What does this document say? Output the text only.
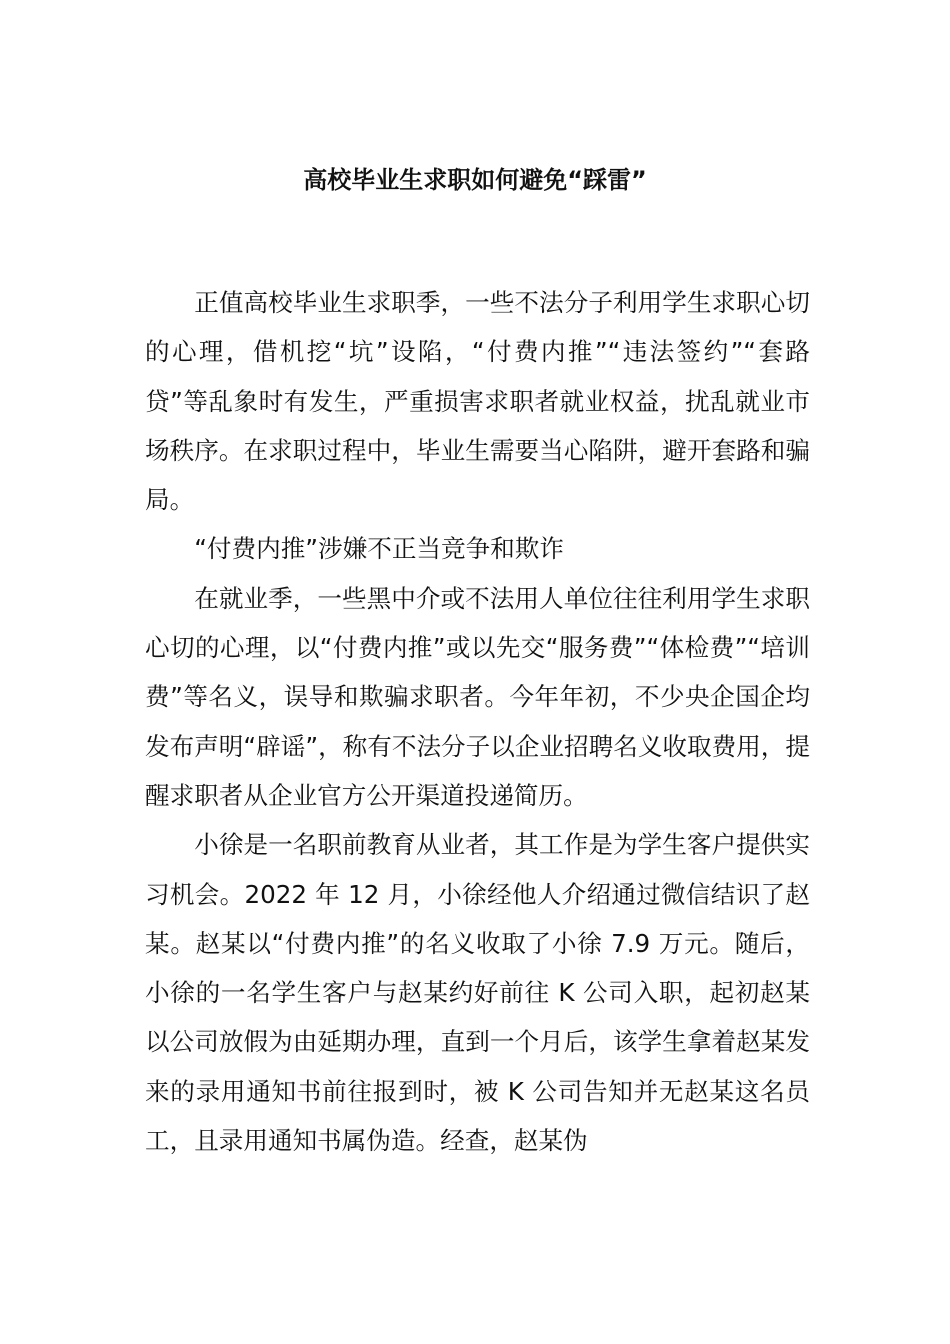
高校毕业生求职如何避免“踩雷”

正值高校毕业生求职季，一些不法分子利用学生求职心切的心理，借机挖“坑”设陷，“付费内推”“违法签约”“套路贷”等乱象时有发生，严重损害求职者就业权益，扰乱就业市场秩序。在求职过程中，毕业生需要当心陷阱，避开套路和骗局。

“付费内推”涉嫌不正当竞争和欺诈

在就业季，一些黑中介或不法用人单位往往利用学生求职心切的心理，以“付费内推”或以先交“服务费”“体检费”“培训费”等名义，误导和欺骗求职者。今年年初，不少央企国企均发布声明“辟谣”，称有不法分子以企业招聘名义收取费用，提醒求职者从企业官方公开渠道投递简历。

小徐是一名职前教育从业者，其工作是为学生客户提供实习机会。2022 年 12 月，小徐经他人介绍通过微信结识了赵某。赵某以“付费内推”的名义收取了小徐 7.9 万元。随后，小徐的一名学生客户与赵某约好前往 K 公司入职，起初赵某以公司放假为由延期办理，直到一个月后，该学生拿着赵某发来的录用通知书前往报到时，被 K 公司告知并无赵某这名员工，且录用通知书属伪造。经查，赵某伪
